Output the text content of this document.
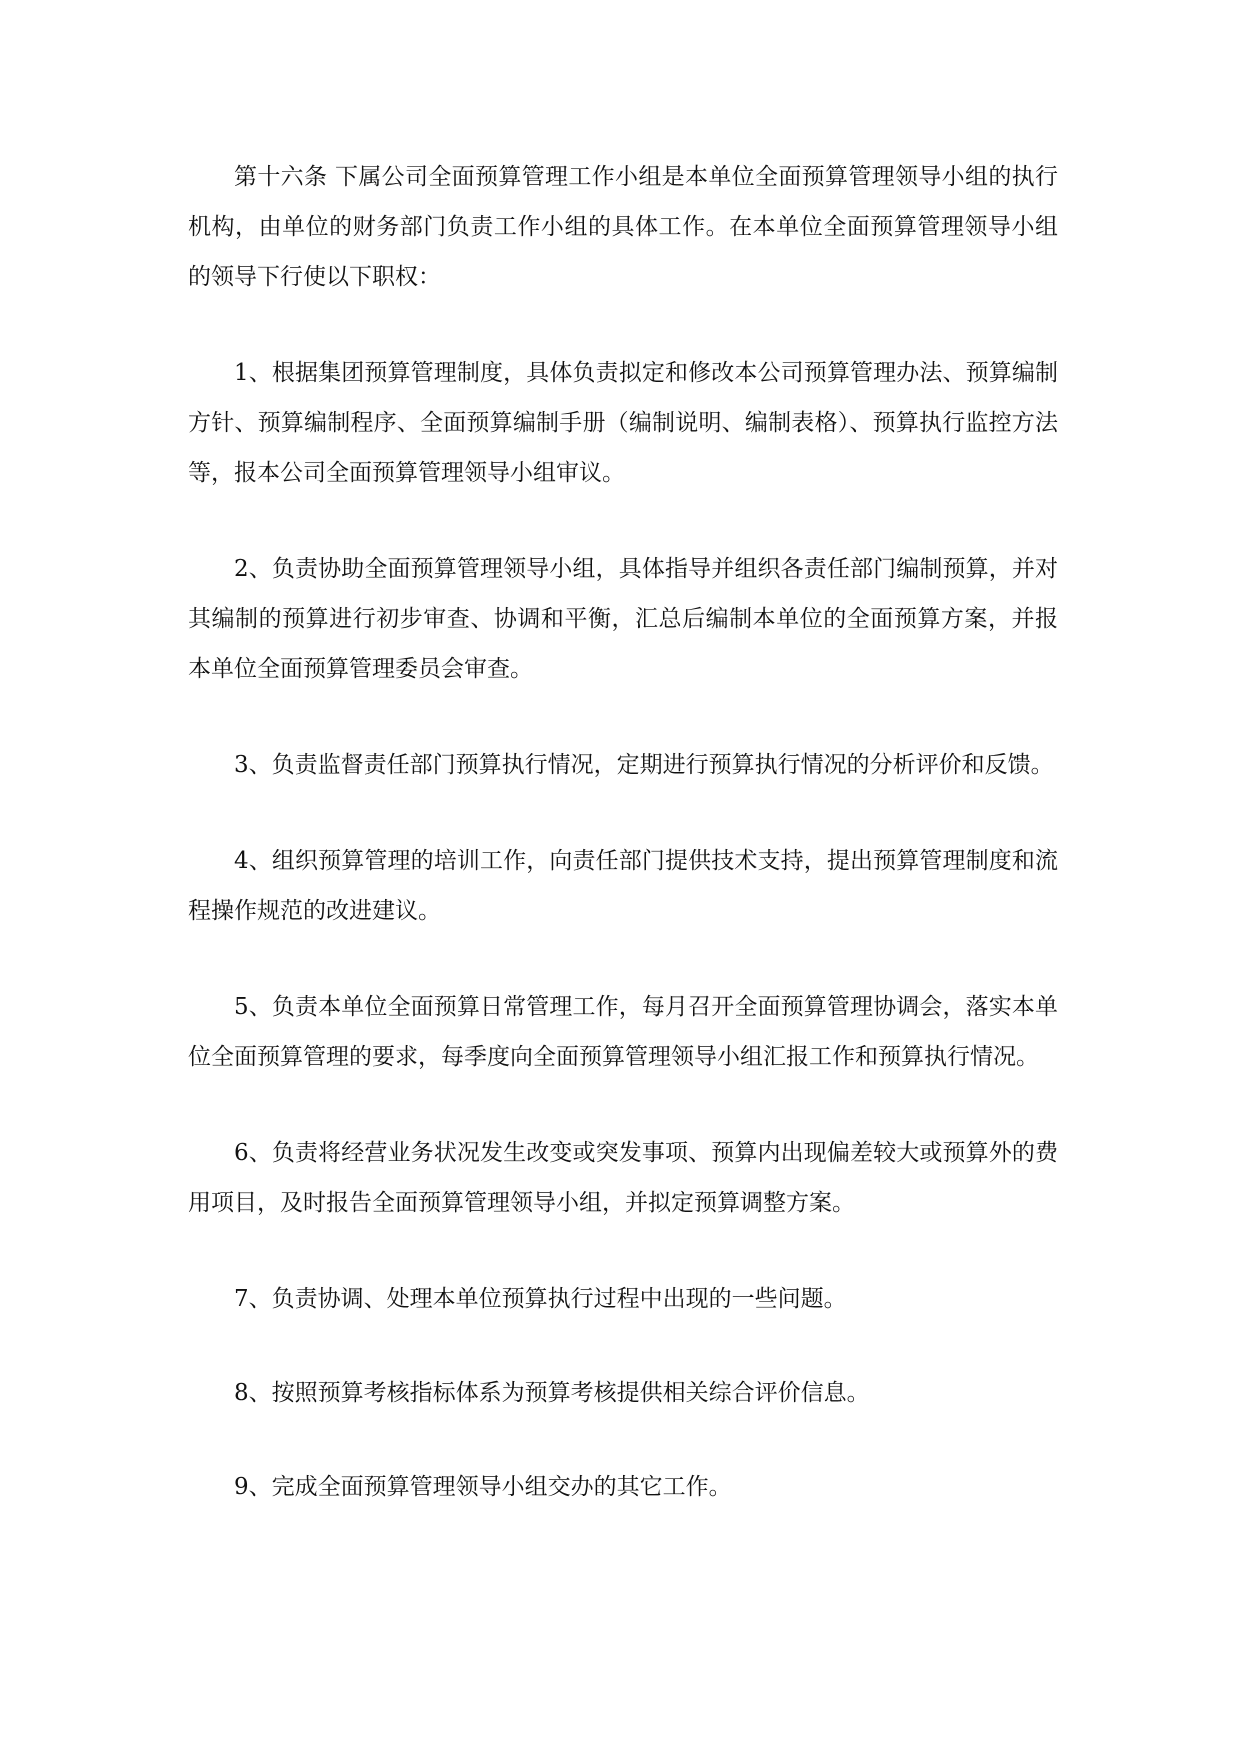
第十六条 下属公司全面预算管理工作小组是本单位全面预算管理领导小组的执行机构，由单位的财务部门负责工作小组的具体工作。在本单位全面预算管理领导小组的领导下行使以下职权：

1、根据集团预算管理制度，具体负责拟定和修改本公司预算管理办法、预算编制方针、预算编制程序、全面预算编制手册（编制说明、编制表格）、预算执行监控方法等，报本公司全面预算管理领导小组审议。

2、负责协助全面预算管理领导小组，具体指导并组织各责任部门编制预算，并对其编制的预算进行初步审查、协调和平衡，汇总后编制本单位的全面预算方案，并报本单位全面预算管理委员会审查。

3、负责监督责任部门预算执行情况，定期进行预算执行情况的分析评价和反馈。

4、组织预算管理的培训工作，向责任部门提供技术支持，提出预算管理制度和流程操作规范的改进建议。

5、负责本单位全面预算日常管理工作，每月召开全面预算管理协调会，落实本单位全面预算管理的要求，每季度向全面预算管理领导小组汇报工作和预算执行情况。

6、负责将经营业务状况发生改变或突发事项、预算内出现偏差较大或预算外的费用项目，及时报告全面预算管理领导小组，并拟定预算调整方案。

7、负责协调、处理本单位预算执行过程中出现的一些问题。

8、按照预算考核指标体系为预算考核提供相关综合评价信息。

9、完成全面预算管理领导小组交办的其它工作。
